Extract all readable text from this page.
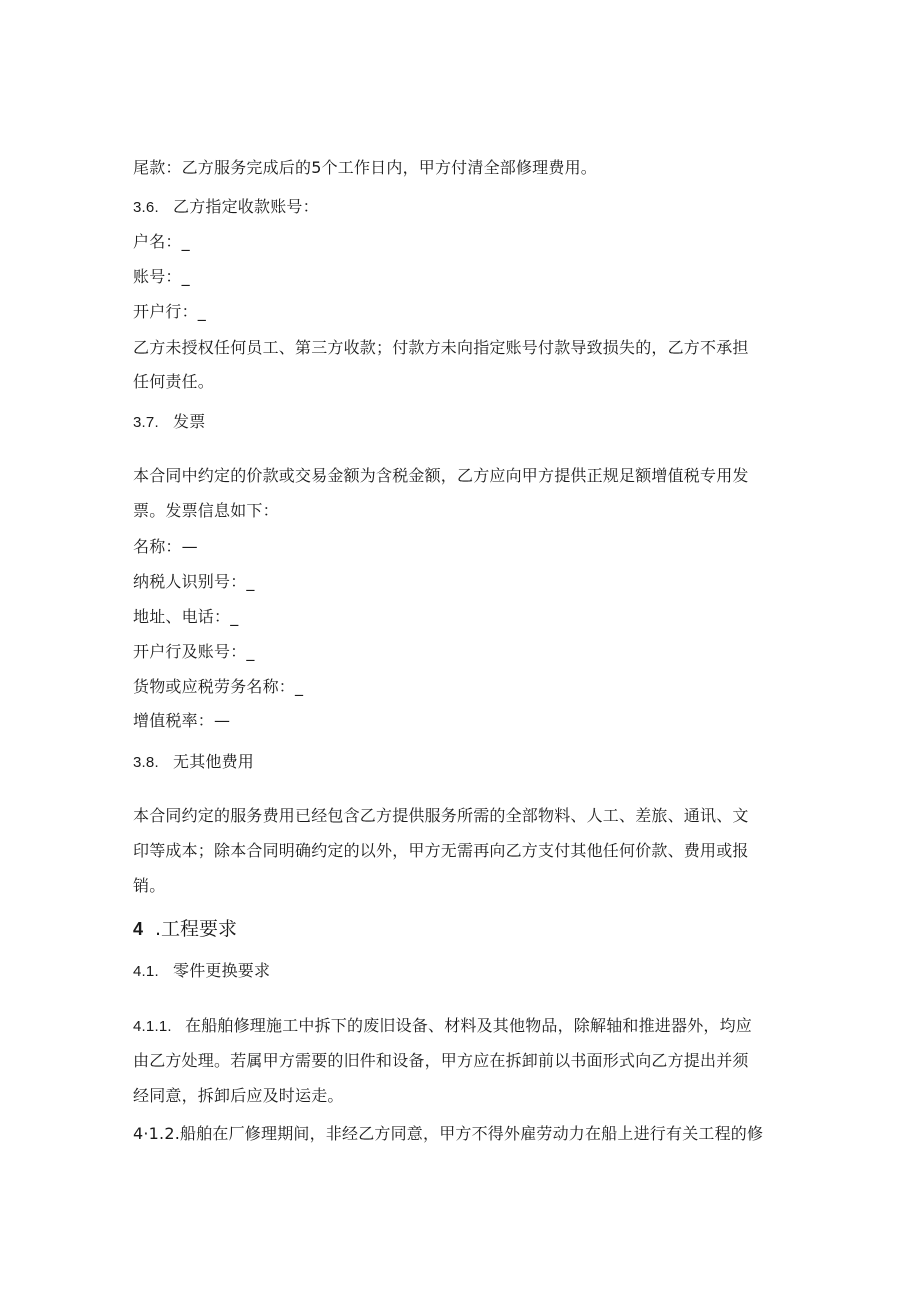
尾款：乙方服务完成后的5个工作日内，甲方付清全部修理费用。
3.6. 乙方指定收款账号：
户名：_
账号：_
开户行：_
乙方未授权任何员工、第三方收款；付款方未向指定账号付款导致损失的，乙方不承担
任何责任。
3.7. 发票
本合同中约定的价款或交易金额为含税金额，乙方应向甲方提供正规足额增值税专用发
票。发票信息如下：
名称：—
纳税人识别号：_
地址、电话：_
开户行及账号：_
货物或应税劳务名称：_
增值税率：—
3.8. 无其他费用
本合同约定的服务费用已经包含乙方提供服务所需的全部物料、人工、差旅、通讯、文
印等成本；除本合同明确约定的以外，甲方无需再向乙方支付其他任何价款、费用或报
销。
4 .工程要求
4.1. 零件更换要求
4.1.1. 在船舶修理施工中拆下的废旧设备、材料及其他物品，除解轴和推进器外，均应
由乙方处理。若属甲方需要的旧件和设备，甲方应在拆卸前以书面形式向乙方提出并须
经同意，拆卸后应及时运走。
4·1.2.船舶在厂修理期间，非经乙方同意，甲方不得外雇劳动力在船上进行有关工程的修
